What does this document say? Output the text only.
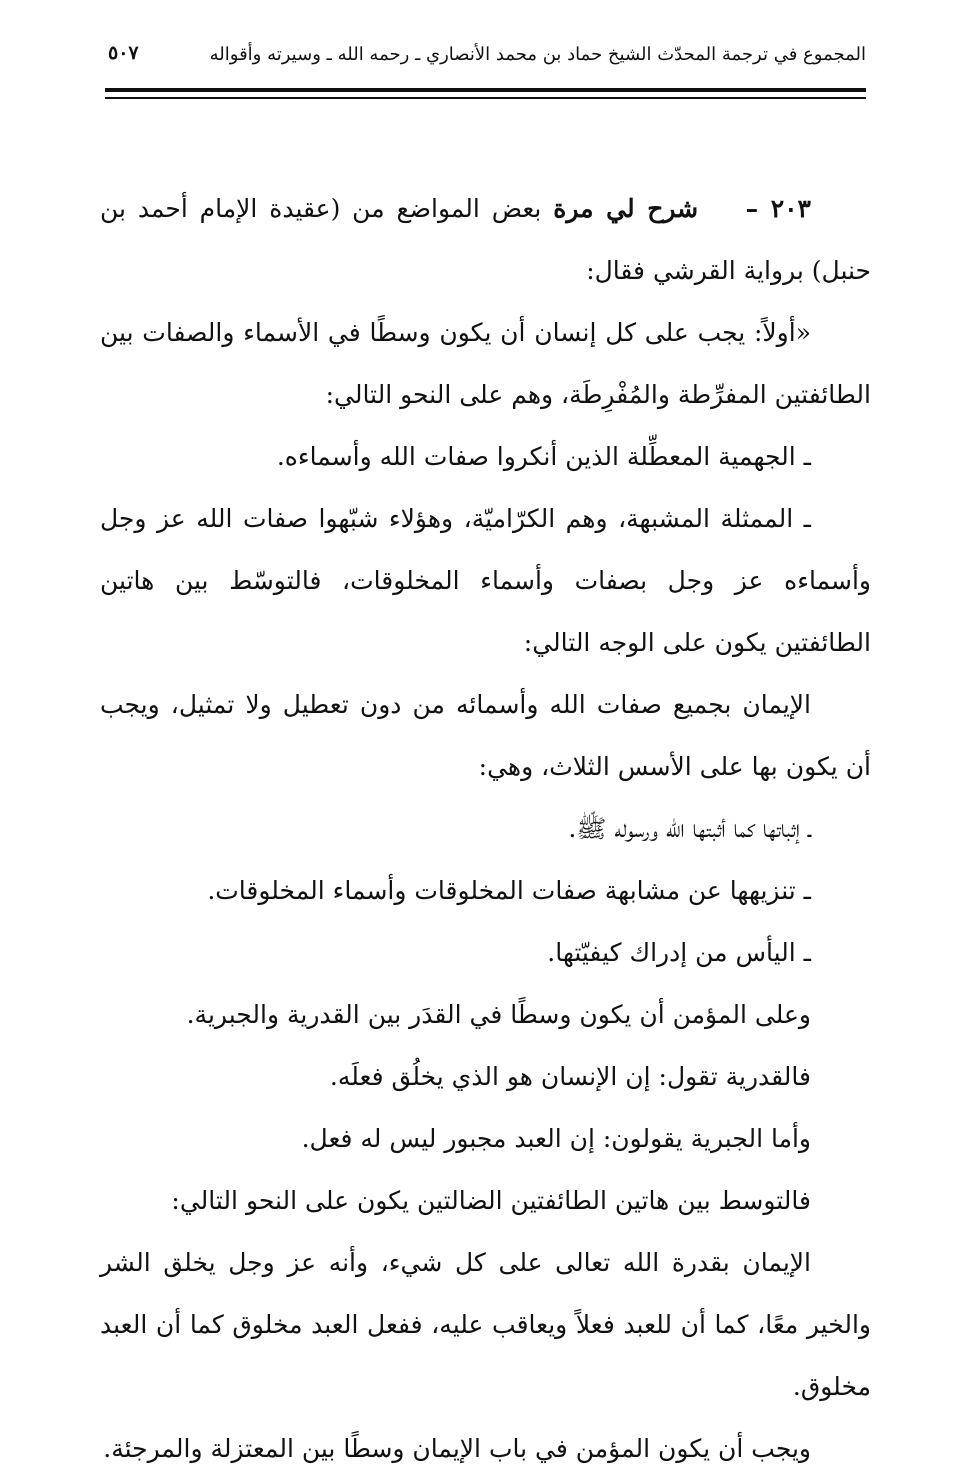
المجموع في ترجمة المحدّث الشيخ حماد بن محمد الأنصاري ـ رحمه الله ـ وسيرته وأقواله
٥٠٧

٢٠٣ –    شرح لي مرة بعض المواضع من (عقيدة الإمام أحمد بن حنبل) برواية القرشي فقال:

«أولاً: يجب على كل إنسان أن يكون وسطًا في الأسماء والصفات بين الطائفتين المفرِّطة والمُفْرِطَة، وهم على النحو التالي:

ـ الجهمية المعطِّلة الذين أنكروا صفات الله وأسماءه.

ـ الممثلة المشبهة، وهم الكرّاميّة، وهؤلاء شبّهوا صفات الله عز وجل وأسماءه عز وجل بصفات وأسماء المخلوقات، فالتوسّط بين هاتين الطائفتين يكون على الوجه التالي:

الإيمان بجميع صفات الله وأسمائه من دون تعطيل ولا تمثيل، ويجب أن يكون بها على الأسس الثلاث، وهي:

ـ إثباتها كما أثبتها الله ورسوله ﷺ.

ـ تنزيهها عن مشابهة صفات المخلوقات وأسماء المخلوقات.

ـ اليأس من إدراك كيفيّتها.

وعلى المؤمن أن يكون وسطًا في القدَر بين القدرية والجبرية.

فالقدرية تقول: إن الإنسان هو الذي يخلُق فعلَه.

وأما الجبرية يقولون: إن العبد مجبور ليس له فعل.

فالتوسط بين هاتين الطائفتين الضالتين يكون على النحو التالي:

الإيمان بقدرة الله تعالى على كل شيء، وأنه عز وجل يخلق الشر والخير معًا، كما أن للعبد فعلاً ويعاقب عليه، ففعل العبد مخلوق كما أن العبد مخلوق.

ويجب أن يكون المؤمن في باب الإيمان وسطًا بين المعتزلة والمرجئة.
